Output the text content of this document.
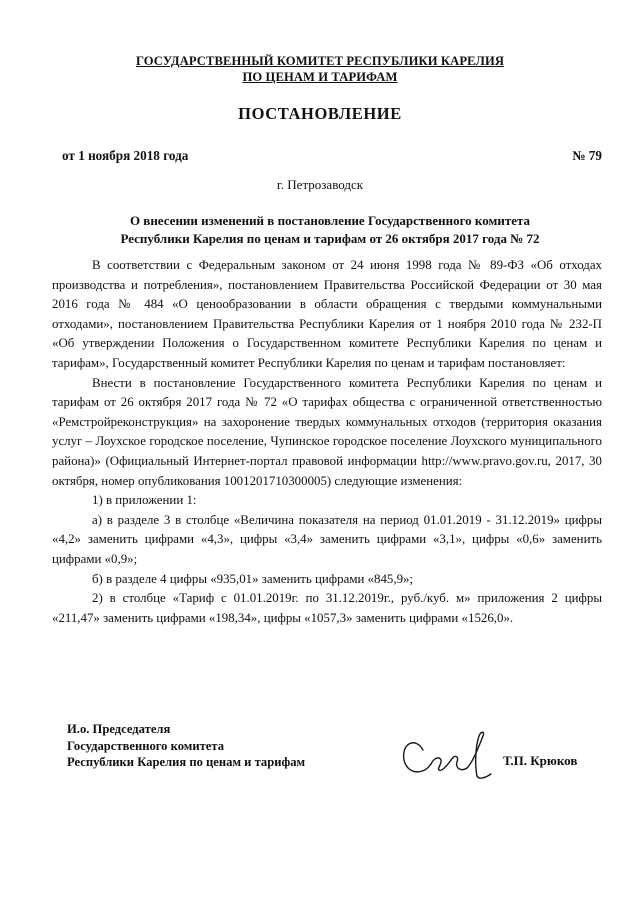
ГОСУДАРСТВЕННЫЙ КОМИТЕТ РЕСПУБЛИКИ КАРЕЛИЯ
ПО ЦЕНАМ И ТАРИФАМ
ПОСТАНОВЛЕНИЕ
от 1 ноября 2018 года	№ 79
г. Петрозаводск
О внесении изменений в постановление Государственного комитета
Республики Карелия по ценам и тарифам от 26 октября 2017 года № 72

В соответствии с Федеральным законом от 24 июня 1998 года № 89-ФЗ «Об отходах производства и потребления», постановлением Правительства Российской Федерации от 30 мая 2016 года № 484 «О ценообразовании в области обращения с твердыми коммунальными отходами», постановлением Правительства Республики Карелия от 1 ноября 2010 года № 232-П «Об утверждении Положения о Государственном комитете Республики Карелия по ценам и тарифам», Государственный комитет Республики Карелия по ценам и тарифам постановляет:

Внести в постановление Государственного комитета Республики Карелия по ценам и тарифам от 26 октября 2017 года № 72 «О тарифах общества с ограниченной ответственностью «Ремстройреконструкция» на захоронение твердых коммунальных отходов (территория оказания услуг – Лоухское городское поселение, Чупинское городское поселение Лоухского муниципального района)» (Официальный Интернет-портал правовой информации http://www.pravo.gov.ru, 2017, 30 октября, номер опубликования 1001201710300005) следующие изменения:

1) в приложении 1:

а) в разделе 3 в столбце «Величина показателя на период 01.01.2019 - 31.12.2019» цифры «4,2» заменить цифрами «4,3», цифры «3,4» заменить цифрами «3,1», цифры «0,6» заменить цифрами «0,9»;

б) в разделе 4 цифры «935,01» заменить цифрами «845,9»;

2) в столбце «Тариф с 01.01.2019г. по 31.12.2019г., руб./куб. м» приложения 2 цифры «211,47» заменить цифрами «198,34», цифры «1057,3» заменить цифрами «1526,0».

И.о. Председателя
Государственного комитета
Республики Карелия по ценам и тарифам	Т.П. Крюков
